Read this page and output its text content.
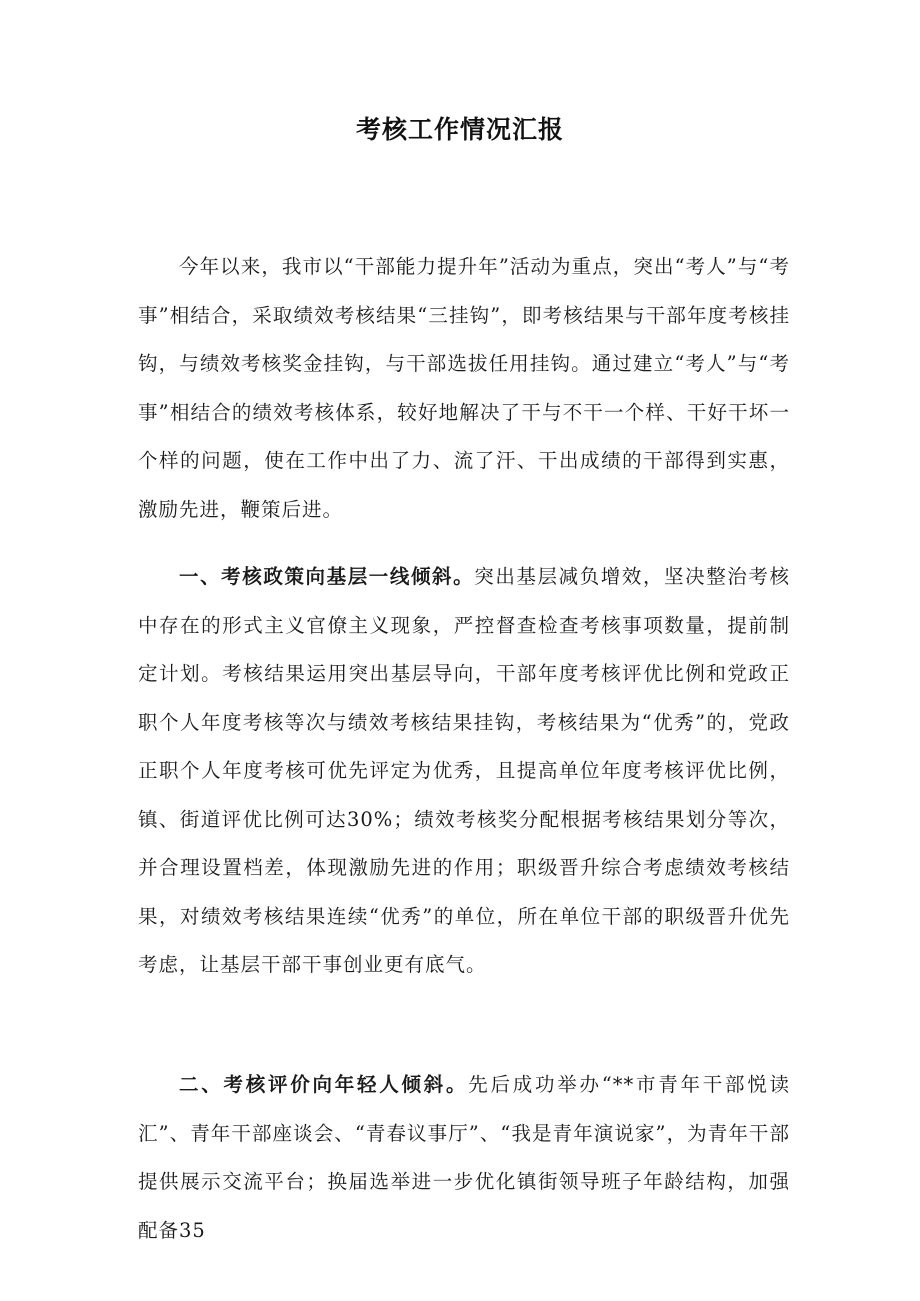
考核工作情况汇报

今年以来，我市以“干部能力提升年”活动为重点，突出“考人”与“考事”相结合，采取绩效考核结果“三挂钩”，即考核结果与干部年度考核挂钩，与绩效考核奖金挂钩，与干部选拔任用挂钩。通过建立“考人”与“考事”相结合的绩效考核体系，较好地解决了干与不干一个样、干好干坏一个样的问题，使在工作中出了力、流了汗、干出成绩的干部得到实惠，激励先进，鞭策后进。

一、考核政策向基层一线倾斜。突出基层减负增效，坚决整治考核中存在的形式主义官僚主义现象，严控督查检查考核事项数量，提前制定计划。考核结果运用突出基层导向，干部年度考核评优比例和党政正职个人年度考核等次与绩效考核结果挂钩，考核结果为“优秀”的，党政正职个人年度考核可优先评定为优秀，且提高单位年度考核评优比例，镇、街道评优比例可达30%；绩效考核奖分配根据考核结果划分等次，并合理设置档差，体现激励先进的作用；职级晋升综合考虑绩效考核结果，对绩效考核结果连续“优秀”的单位，所在单位干部的职级晋升优先考虑，让基层干部干事创业更有底气。

二、考核评价向年轻人倾斜。先后成功举办“**市青年干部悦读汇”、青年干部座谈会、“青春议事厅”、“我是青年演说家”，为青年干部提供展示交流平台；换届选举进一步优化镇街领导班子年龄结构，加强配备35
